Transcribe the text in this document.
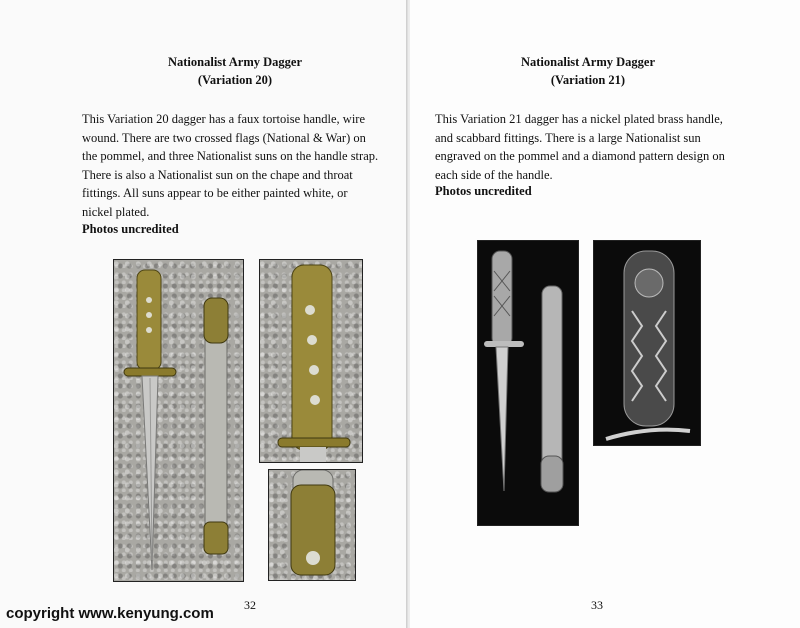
Nationalist Army Dagger
(Variation 20)
This Variation 20 dagger has a faux tortoise handle, wire
wound. There are two crossed flags (National & War) on
the pommel, and three Nationalist suns on the handle strap.
There is also a Nationalist sun on the chape and throat
fittings. All suns appear to be either painted white, or
nickel plated.
Photos uncredited
32
Nationalist Army Dagger
(Variation 21)
This Variation 21 dagger has a nickel plated brass handle,
and scabbard fittings. There is a large Nationalist sun
engraved on the pommel and a diamond pattern design on
each side of the handle.
Photos uncredited
33
copyright www.kenyung.com
